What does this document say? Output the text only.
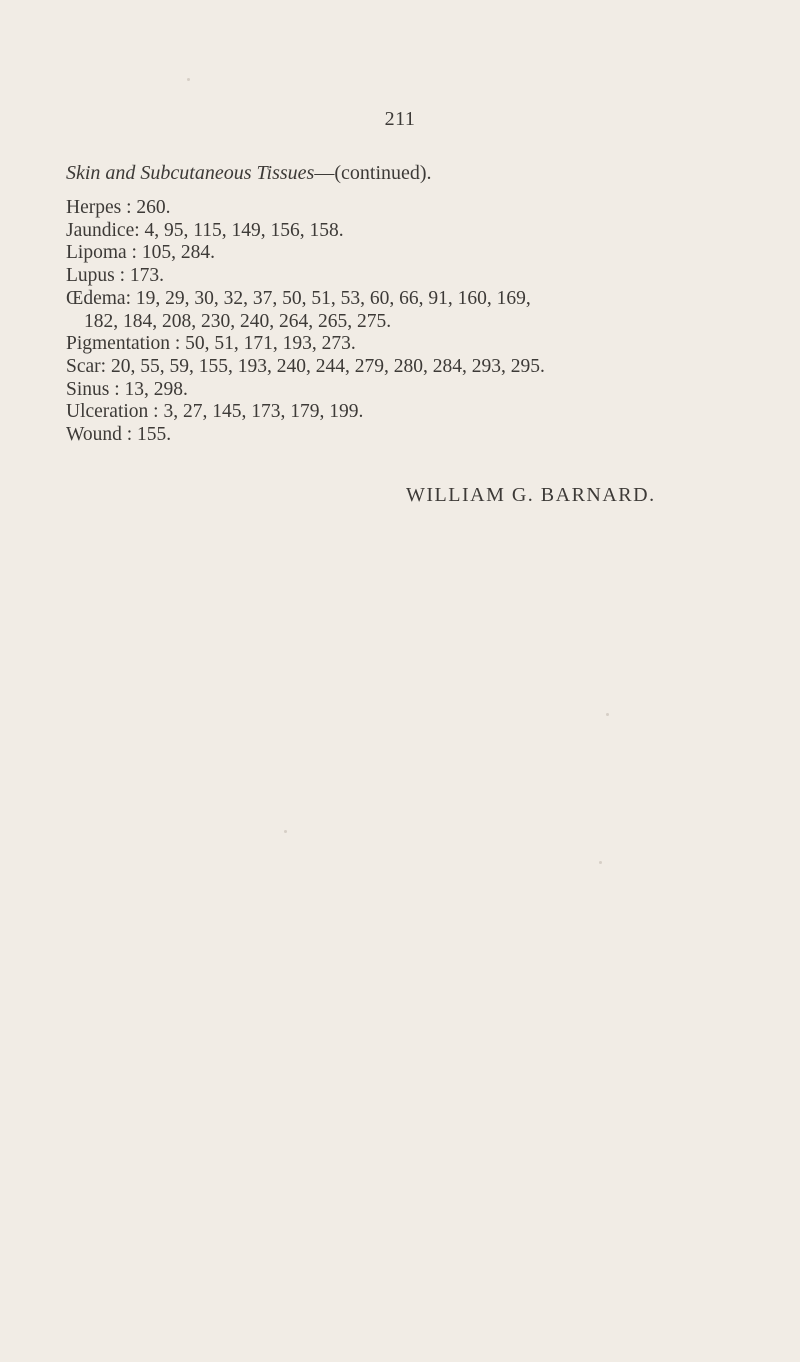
211
Skin and Subcutaneous Tissues—(continued).
Herpes : 260.
Jaundice: 4, 95, 115, 149, 156, 158.
Lipoma : 105, 284.
Lupus : 173.
Œdema: 19, 29, 30, 32, 37, 50, 51, 53, 60, 66, 91, 160, 169,
182, 184, 208, 230, 240, 264, 265, 275.
Pigmentation : 50, 51, 171, 193, 273.
Scar: 20, 55, 59, 155, 193, 240, 244, 279, 280, 284, 293, 295.
Sinus : 13, 298.
Ulceration : 3, 27, 145, 173, 179, 199.
Wound : 155.
WILLIAM G. BARNARD.
